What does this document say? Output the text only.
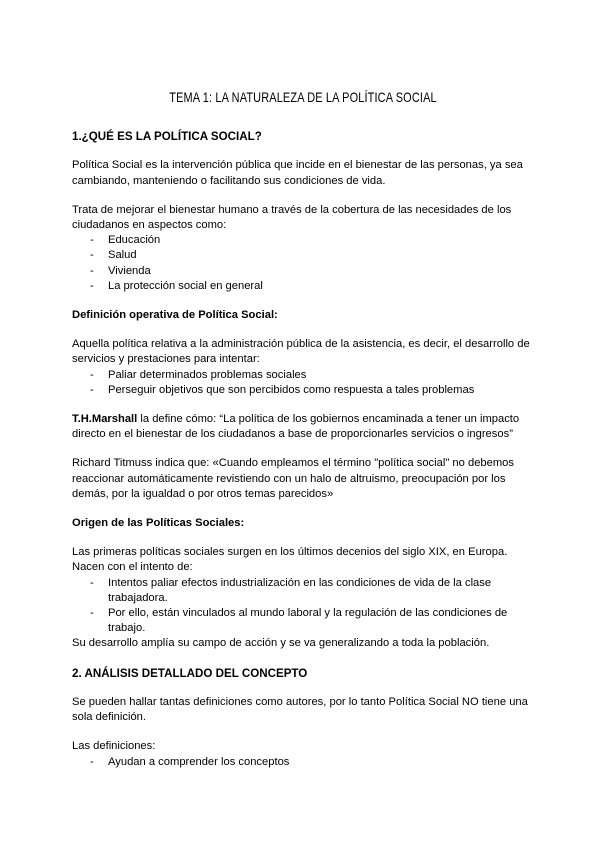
TEMA 1: LA NATURALEZA DE LA POLÍTICA SOCIAL
1.¿QUÉ ES LA POLÍTICA SOCIAL?

Política Social es la intervención pública que incide en el bienestar de las personas, ya sea cambiando, manteniendo o facilitando sus condiciones de vida.

Trata de mejorar el bienestar humano a través de la cobertura de las necesidades de los ciudadanos en aspectos como:

- Educación
- Salud
- Vivienda
- La protección social en general
Definición operativa de Política Social:

Aquella política relativa a la administración pública de la asistencia, es decir, el desarrollo de servicios y prestaciones para intentar:

- Paliar determinados problemas sociales
- Perseguir objetivos que son percibidos como respuesta a tales problemas

T.H.Marshall la define cómo: “La política de los gobiernos encaminada a tener un impacto directo en el bienestar de los ciudadanos a base de proporcionarles servicios o ingresos”

Richard Titmuss indica que: «Cuando empleamos el término "política social" no debemos reaccionar automáticamente revistiendo con un halo de altruismo, preocupación por los demás, por la igualdad o por otros temas parecidos»

Origen de las Políticas Sociales:

Las primeras políticas sociales surgen en los últimos decenios del siglo XIX, en Europa. Nacen con el intento de:

- Intentos paliar efectos industrialización en las condiciones de vida de la clase trabajadora.
- Por ello, están vinculados al mundo laboral y la regulación de las condiciones de trabajo.

Su desarrollo amplía su campo de acción y se va generalizando a toda la población.

2. ANÁLISIS DETALLADO DEL CONCEPTO

Se pueden hallar tantas definiciones como autores, por lo tanto Política Social NO tiene una sola definición.

Las definiciones:

- Ayudan a comprender los conceptos
